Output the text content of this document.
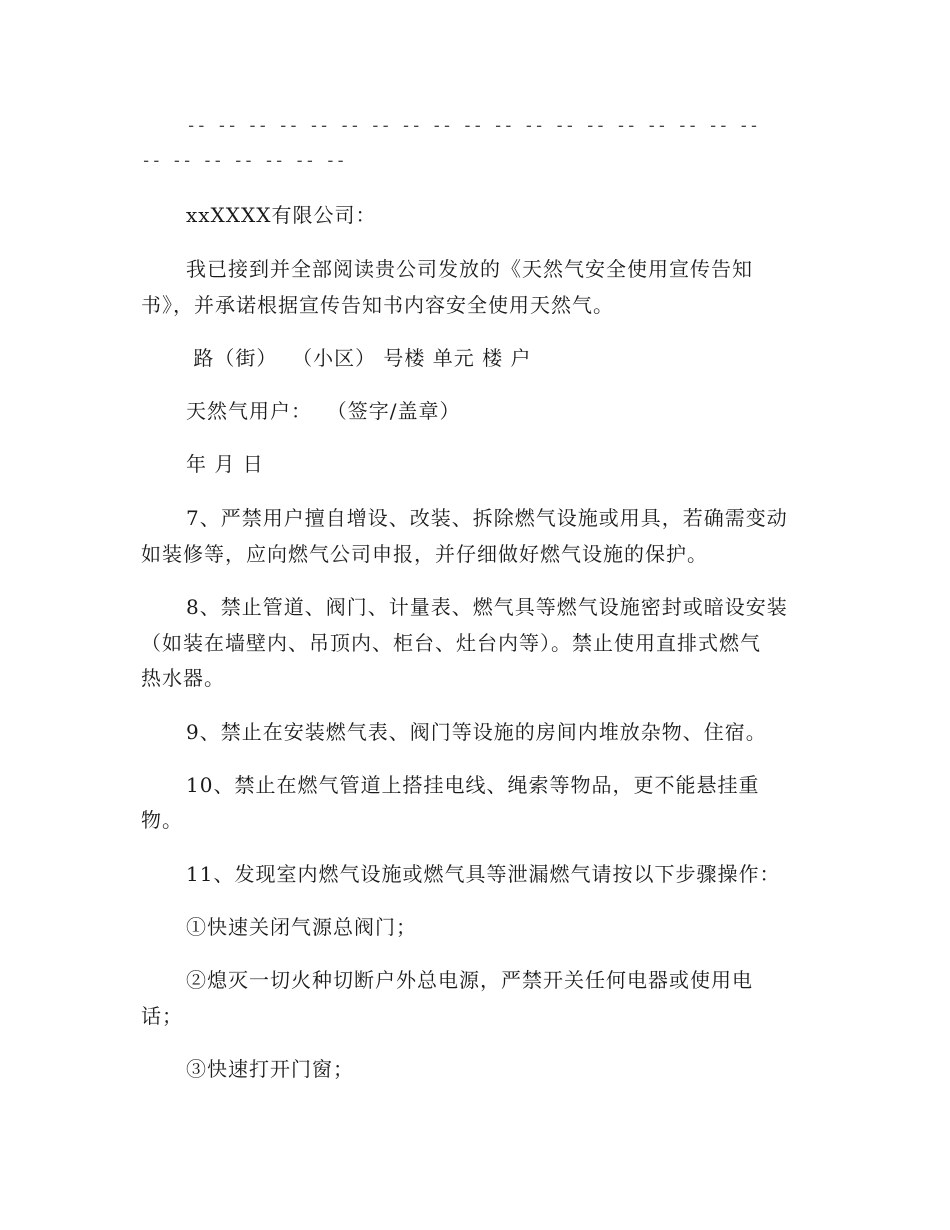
-- -- -- -- -- -- -- -- -- -- -- -- -- -- -- -- -- -- --
-- -- -- -- -- -- --
xxXXXX有限公司：
我已接到并全部阅读贵公司发放的《天然气安全使用宣传告知
书》，并承诺根据宣传告知书内容安全使用天然气。
路（街）  （小区） 号楼 单元 楼 户
天然气用户：  （签字/盖章）
年 月 日
7、严禁用户擅自增设、改装、拆除燃气设施或用具，若确需变动
如装修等，应向燃气公司申报，并仔细做好燃气设施的保护。
8、禁止管道、阀门、计量表、燃气具等燃气设施密封或暗设安装
（如装在墙壁内、吊顶内、柜台、灶台内等）。禁止使用直排式燃气
热水器。
9、禁止在安装燃气表、阀门等设施的房间内堆放杂物、住宿。
10、禁止在燃气管道上搭挂电线、绳索等物品，更不能悬挂重
物。
11、发现室内燃气设施或燃气具等泄漏燃气请按以下步骤操作：
①快速关闭气源总阀门；
②熄灭一切火种切断户外总电源，严禁开关任何电器或使用电
话；
③快速打开门窗；
